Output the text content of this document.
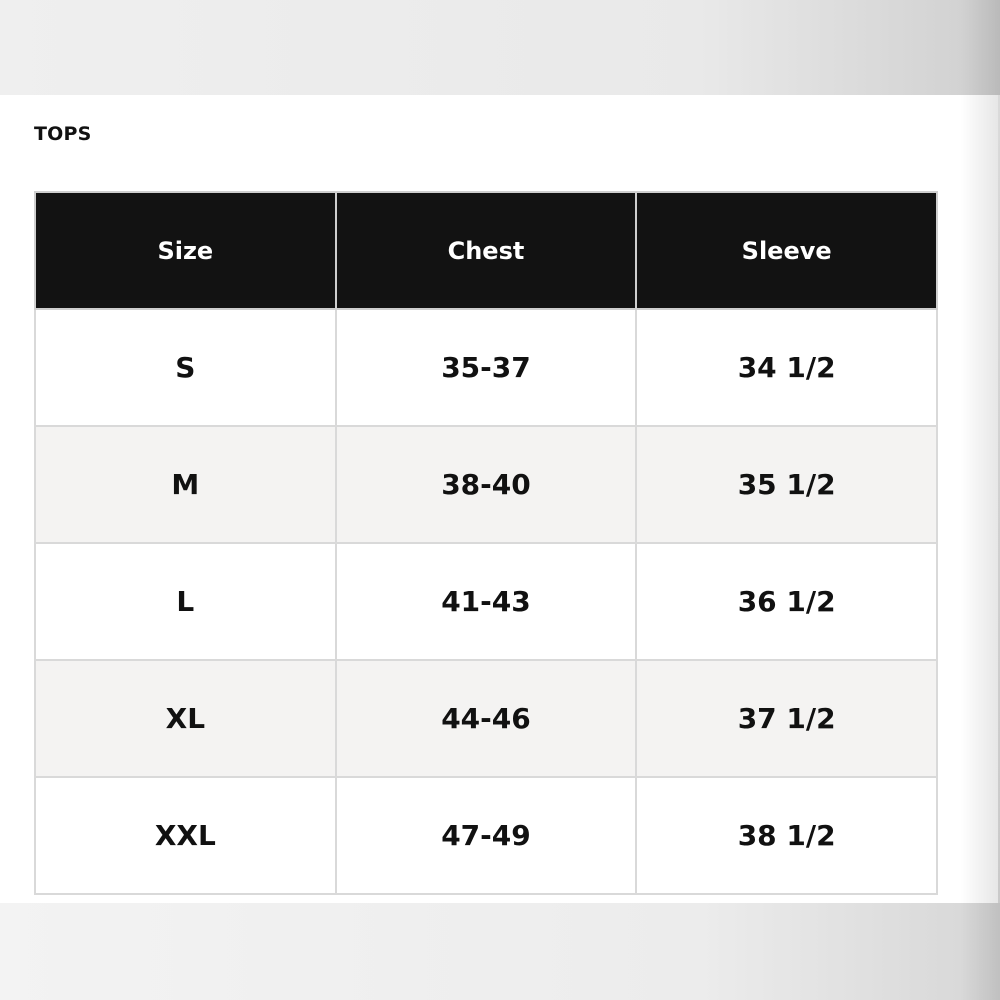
TOPS
Size	Chest	Sleeve
S	35-37	34 1/2
M	38-40	35 1/2
L	41-43	36 1/2
XL	44-46	37 1/2
XXL	47-49	38 1/2
